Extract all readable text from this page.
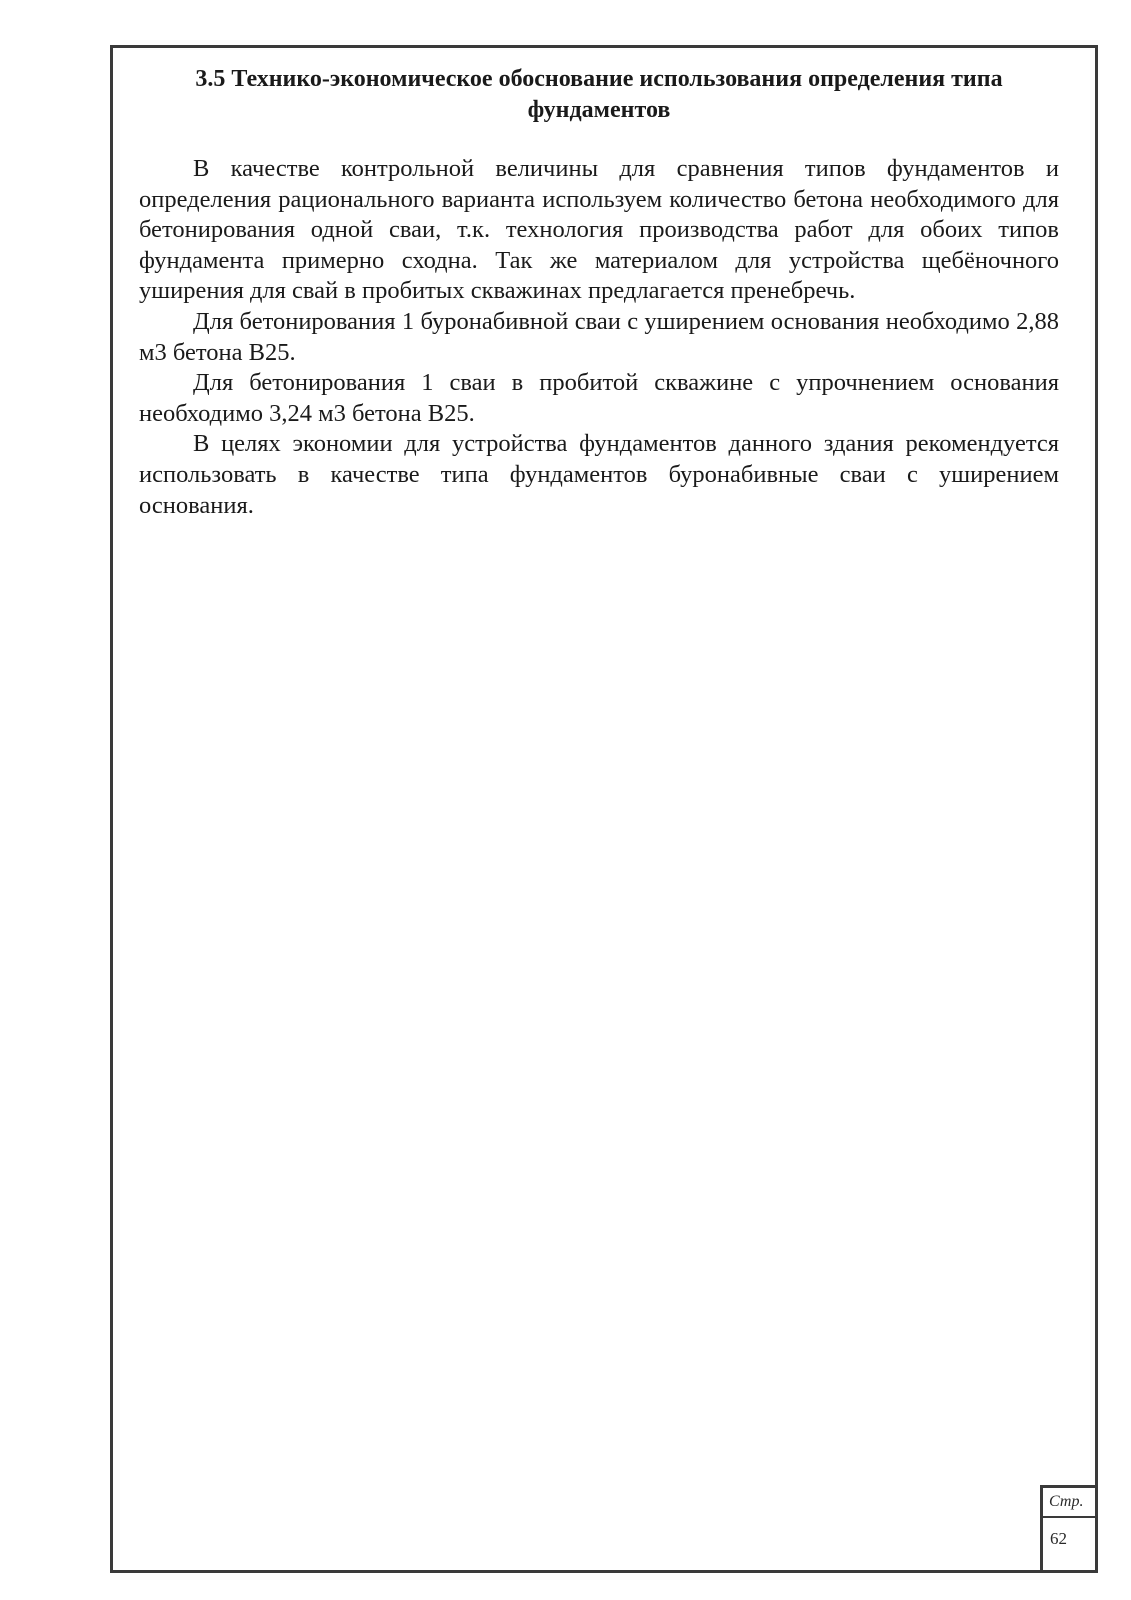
3.5 Технико-экономическое обоснование использования определения типа фундаментов

В качестве контрольной величины для сравнения типов фундаментов и определения рационального варианта используем количество бетона необходимого для бетонирования одной сваи, т.к. технология производства работ для обоих типов фундамента примерно сходна. Так же материалом для устройства щебёночного уширения для свай в пробитых скважинах предлагается пренебречь.

Для бетонирования 1 буронабивной сваи с уширением основания необходимо 2,88 м3 бетона В25.

Для бетонирования 1 сваи в пробитой скважине с упрочнением основания необходимо 3,24 м3 бетона В25.

В целях экономии для устройства фундаментов данного здания рекомендуется использовать в качестве типа фундаментов буронабивные сваи с уширением основания.

Стр.
62
